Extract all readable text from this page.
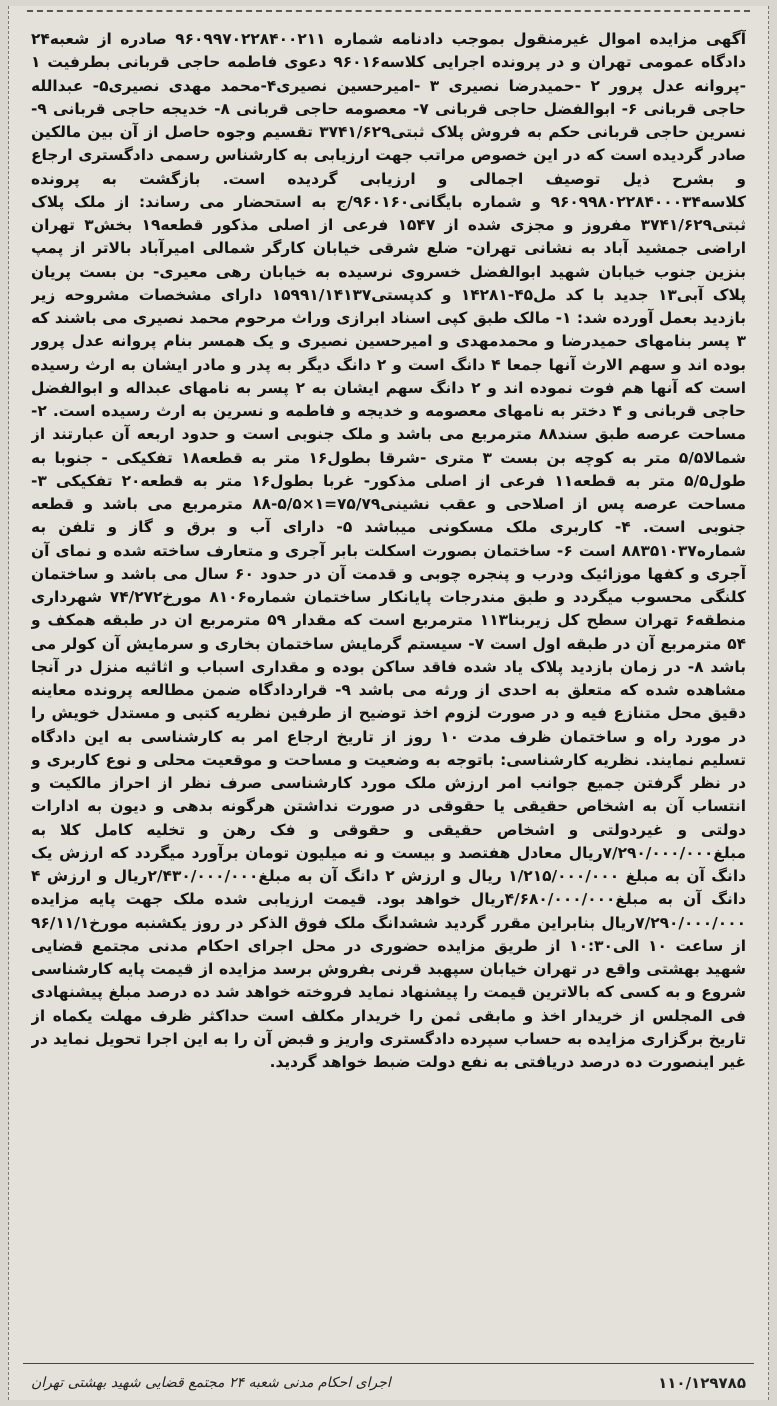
آگهی مزایده اموال غیرمنقول بموجب دادنامه شماره ۹۶۰۹۹۷۰۲۲۸۴۰۰۲۱۱ صادره از شعبه۲۴ دادگاه عمومی تهران و در پرونده اجرایی کلاسه۹۶۰۱۶ دعوی فاطمه حاجی قربانی بطرفیت ۱ -پروانه عدل پرور ۲ -حمیدرضا نصیری ۳ -امیرحسین نصیری۴-محمد مهدی نصیری۵- عبدالله حاجی قربانی ۶- ابوالفضل حاجی قربانی ۷- معصومه حاجی قربانی ۸- خدیجه حاجی قربانی ۹- نسرین حاجی قربانی حکم به فروش پلاک ثبتی۳۷۴۱/۶۲۹ تقسیم وجوه حاصل از آن بین مالکین صادر گردیده است که در این خصوص مراتب جهت ارزیابی به کارشناس رسمی دادگستری ارجاع و بشرح ذیل توصیف اجمالی و ارزیابی گردیده است. بازگشت به پرونده کلاسه۹۶۰۹۹۸۰۲۲۸۴۰۰۰۳۴ و شماره بایگانی۹۶۰۱۶۰/ج به استحضار می رساند: از ملک پلاک ثبتی۳۷۴۱/۶۲۹ مفروز و مجزی شده از ۱۵۴۷ فرعی از اصلی مذکور قطعه۱۹ بخش۳ تهران اراضی جمشید آباد به نشانی تهران- ضلع شرقی خیابان کارگر شمالی امیرآباد بالاتر از پمپ بنزین جنوب خیابان شهید ابوالفضل خسروی نرسیده به خیابان رهی معیری- بن بست پریان پلاک آبی۱۳ جدید با کد مل۴۵-۱۴۲۸۱ و کدپستی۱۵۹۹۱/۱۴۱۳۷ دارای مشخصات مشروحه زیر بازدید بعمل آورده شد: ۱- مالک طبق کپی اسناد ابرازی وراث مرحوم محمد نصیری می باشند که ۳ پسر بنامهای حمیدرضا و محمدمهدی و امیرحسین نصیری و یک همسر بنام پروانه عدل پرور بوده اند و سهم الارث آنها جمعا ۴ دانگ است و ۲ دانگ دیگر به پدر و مادر ایشان به ارث رسیده است که آنها هم فوت نموده اند و ۲ دانگ سهم ایشان به ۲ پسر به نامهای عبداله و ابوالفضل حاجی قربانی و ۴ دختر به نامهای معصومه و خدیجه و فاطمه و نسرین به ارث رسیده است. ۲- مساحت عرصه طبق سند۸۸ مترمربع می باشد و ملک جنوبی است و حدود اربعه آن عبارتند از شمالا۵/۵ متر به کوچه بن بست ۳ متری -شرقا بطول۱۶ متر به قطعه۱۸ تفکیکی - جنوبا به طول۵/۵ متر به قطعه۱۱ فرعی از اصلی مذکور- غربا بطول۱۶ متر به قطعه۲۰ تفکیکی ۳- مساحت عرصه پس از اصلاحی و عقب نشینی۷۵/۷۹=۱×۵/۵-۸۸ مترمربع می باشد و قطعه جنوبی است. ۴- کاربری ملک مسکونی میباشد ۵- دارای آب و برق و گاز و تلفن به شماره۸۸۳۵۱۰۳۷ است ۶- ساختمان بصورت اسکلت بابر آجری و متعارف ساخته شده و نمای آن آجری و کفها موزائیک ودرب و پنجره چوبی و قدمت آن در حدود ۶۰ سال می باشد و ساختمان کلنگی محسوب میگردد و طبق مندرجات پایانکار ساختمان شماره۸۱۰۶ مورخ۷۴/۲۷۲ شهرداری منطقه۶ تهران سطح کل زیربنا۱۱۳ مترمربع است که مقدار ۵۹ مترمربع ان در طبقه همکف و ۵۴ مترمربع آن در طبقه اول است ۷- سیستم گرمایش ساختمان بخاری و سرمایش آن کولر می باشد ۸- در زمان بازدید پلاک یاد شده فاقد ساکن بوده و مقداری اسباب و اثاثیه منزل در آنجا مشاهده شده که متعلق به احدی از ورثه می باشد ۹- قراردادگاه ضمن مطالعه پرونده معاینه دقیق محل متنازع فیه و در صورت لزوم اخذ توضیح از طرفین نظریه کتبی و مستدل خویش را در مورد راه و ساختمان ظرف مدت ۱۰ روز از تاریخ ارجاع امر به کارشناسی به این دادگاه تسلیم نمایند. نظریه کارشناسی: باتوجه به وضعیت و مساحت و موقعیت محلی و نوع کاربری و در نظر گرفتن جمیع جوانب امر ارزش ملک مورد کارشناسی صرف نظر از احراز مالکیت و انتساب آن به اشخاص حقیقی یا حقوقی در صورت نداشتن هرگونه بدهی و دیون به ادارات دولتی و غیردولتی و اشخاص حقیقی و حقوقی و فک رهن و تخلیه کامل کلا به مبلغ۷/۲۹۰/۰۰۰/۰۰۰ریال معادل هفتصد و بیست و نه میلیون تومان برآورد میگردد که ارزش یک دانگ آن به مبلغ ۱/۲۱۵/۰۰۰/۰۰۰ ریال و ارزش ۲ دانگ آن به مبلغ۲/۴۳۰/۰۰۰/۰۰۰ریال و ارزش ۴ دانگ آن به مبلغ۴/۶۸۰/۰۰۰/۰۰۰ریال خواهد بود. قیمت ارزیابی شده ملک جهت پایه مزایده ۷/۲۹۰/۰۰۰/۰۰۰ریال بنابراین مقرر گردید ششدانگ ملک فوق الذکر در روز یکشنبه مورخ۹۶/۱۱/۱ از ساعت ۱۰ الی۱۰:۳۰ از طریق مزایده حضوری در محل اجرای احکام مدنی مجتمع قضایی شهید بهشتی واقع در تهران خیابان سپهبد قرنی بفروش برسد مزایده از قیمت پایه کارشناسی شروع و به کسی که بالاترین قیمت را پیشنهاد نماید فروخته خواهد شد ده درصد مبلغ پیشنهادی فی المجلس از خریدار اخذ و مابقی ثمن را خریدار مکلف است حداکثر ظرف مهلت یکماه از تاریخ برگزاری مزایده به حساب سپرده دادگستری واریز و قبض آن را به این اجرا تحویل نماید در غیر اینصورت ده درصد دریافتی به نفع دولت ضبط خواهد گردید.

اجرای احکام مدنی شعبه ۲۴ مجتمع قضایی شهید بهشتی تهران	۱۱۰/۱۲۹۷۸۵
